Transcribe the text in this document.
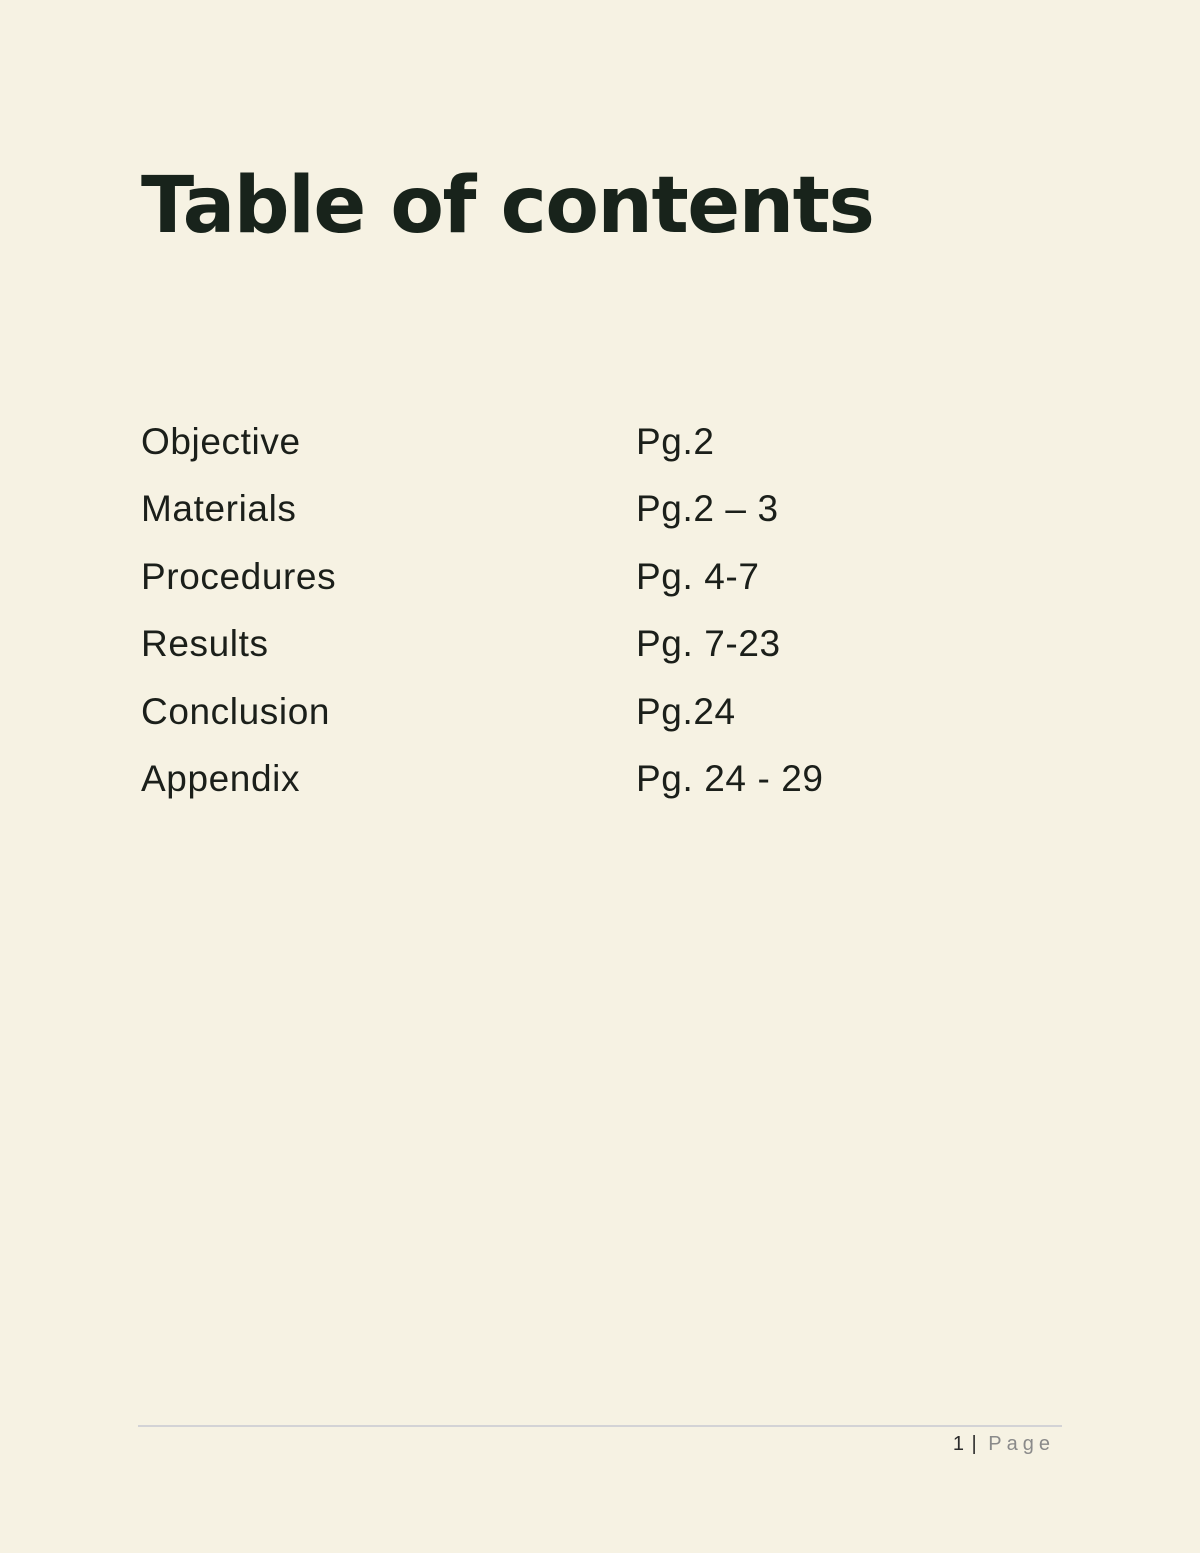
Table of contents
Objective	Pg.2
Materials	Pg.2 – 3
Procedures	Pg. 4-7
Results	Pg. 7-23
Conclusion	Pg.24
Appendix	Pg. 24 - 29
1 | Page
